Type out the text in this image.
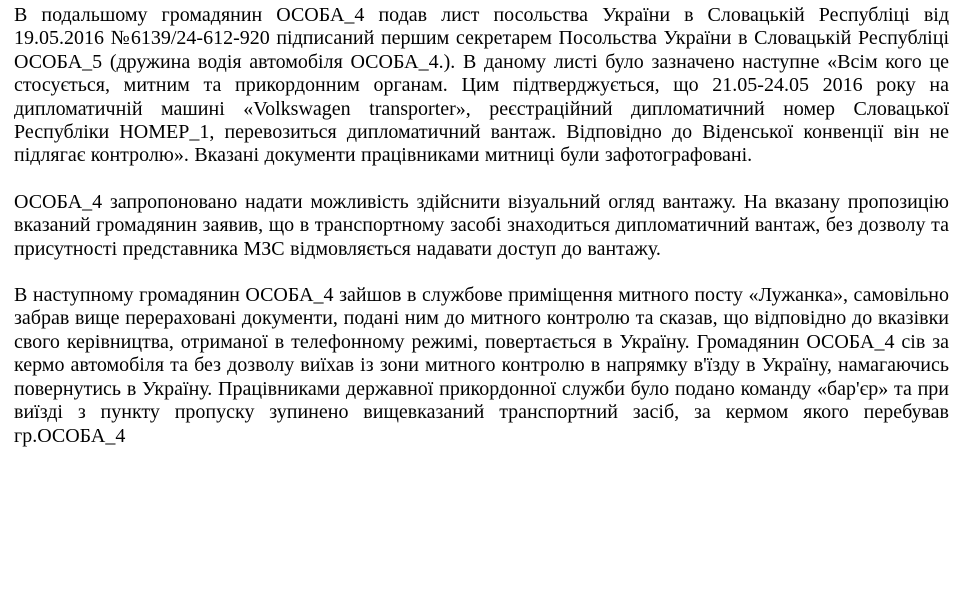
В подальшому громадянин ОСОБА_4 подав лист посольства України в Словацькій Республіці від 19.05.2016 №6139/24-612-920 підписаний першим секретарем Посольства України в Словацькій Республіці ОСОБА_5 (дружина водія автомобіля ОСОБА_4.). В даному листі було зазначено наступне «Всім кого це стосується, митним та прикордонним органам. Цим підтверджується, що 21.05-24.05 2016 року на дипломатичній машині «Volkswagen transporter», реєстраційний дипломатичний номер Словацької Республіки НОМЕР_1, перевозиться дипломатичний вантаж. Відповідно до Віденської конвенції він не підлягає контролю». Вказані документи працівниками митниці були зафотографовані.

ОСОБА_4 запропоновано надати можливість здійснити візуальний огляд вантажу. На вказану пропозицію вказаний громадянин заявив, що в транспортному засобі знаходиться дипломатичний вантаж, без дозволу та присутності представника МЗС відмовляється надавати доступ до вантажу.

В наступному громадянин ОСОБА_4 зайшов в службове приміщення митного посту «Лужанка», самовільно забрав вище перераховані документи, подані ним до митного контролю та сказав, що відповідно до вказівки свого керівництва, отриманої в телефонному режимі, повертається в Україну. Громадянин ОСОБА_4 сів за кермо автомобіля та без дозволу виїхав із зони митного контролю в напрямку в'їзду в Україну, намагаючись повернутись в Україну. Працівниками державної прикордонної служби було подано команду «бар'єр» та при виїзді з пункту пропуску зупинено вищевказаний транспортний засіб, за кермом якого перебував гр.ОСОБА_4
